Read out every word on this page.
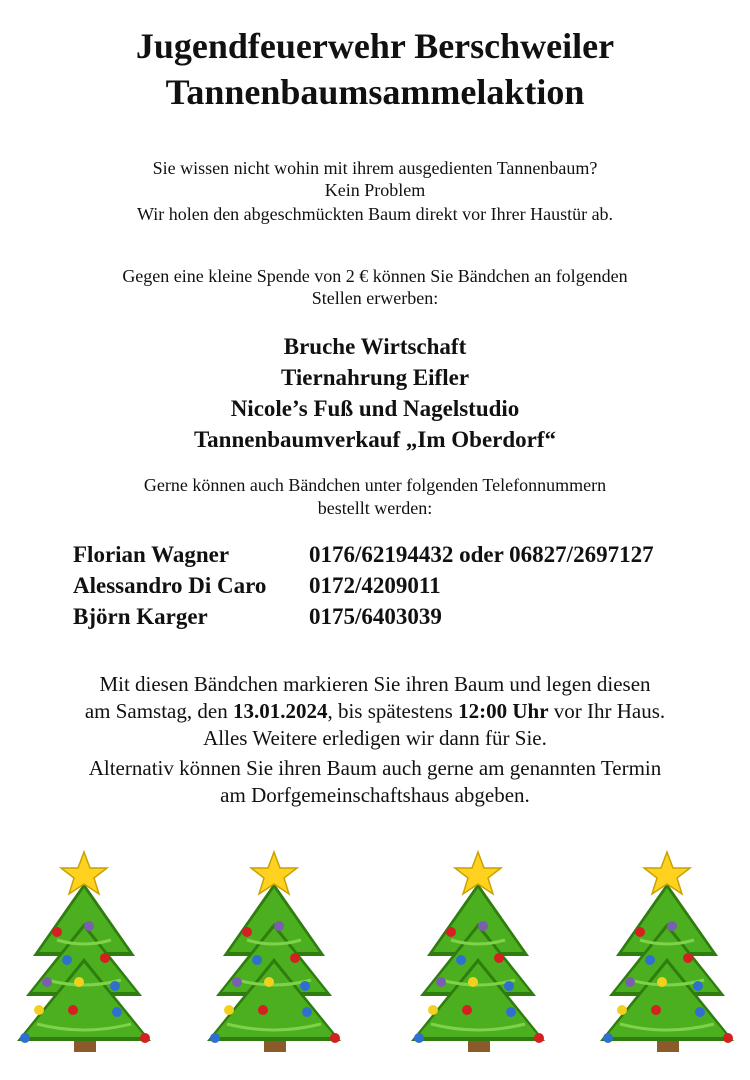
Jugendfeuerwehr Berschweiler
Tannenbaumsammelaktion

Sie wissen nicht wohin mit ihrem ausgedienten Tannenbaum?

Kein Problem

Wir holen den abgeschmückten Baum direkt vor Ihrer Haustür ab.

Gegen eine kleine Spende von 2 € können Sie Bändchen an folgenden

Stellen erwerben:

Bruche Wirtschaft
Tiernahrung Eifler
Nicole’s Fuß und Nagelstudio
Tannenbaumverkauf „Im Oberdorf“

Gerne können auch Bändchen unter folgenden Telefonnummern

bestellt werden:

Florian Wagner	0176/62194432 oder 06827/2697127
Alessandro Di Caro 0172/4209011
Björn Karger	0175/6403039

Mit diesen Bändchen markieren Sie ihren Baum und legen diesen

am Samstag, den 13.01.2024, bis spätestens 12:00 Uhr vor Ihr Haus.

Alles Weitere erledigen wir dann für Sie.

Alternativ können Sie ihren Baum auch gerne am genannten Termin

am Dorfgemeinschaftshaus abgeben.
